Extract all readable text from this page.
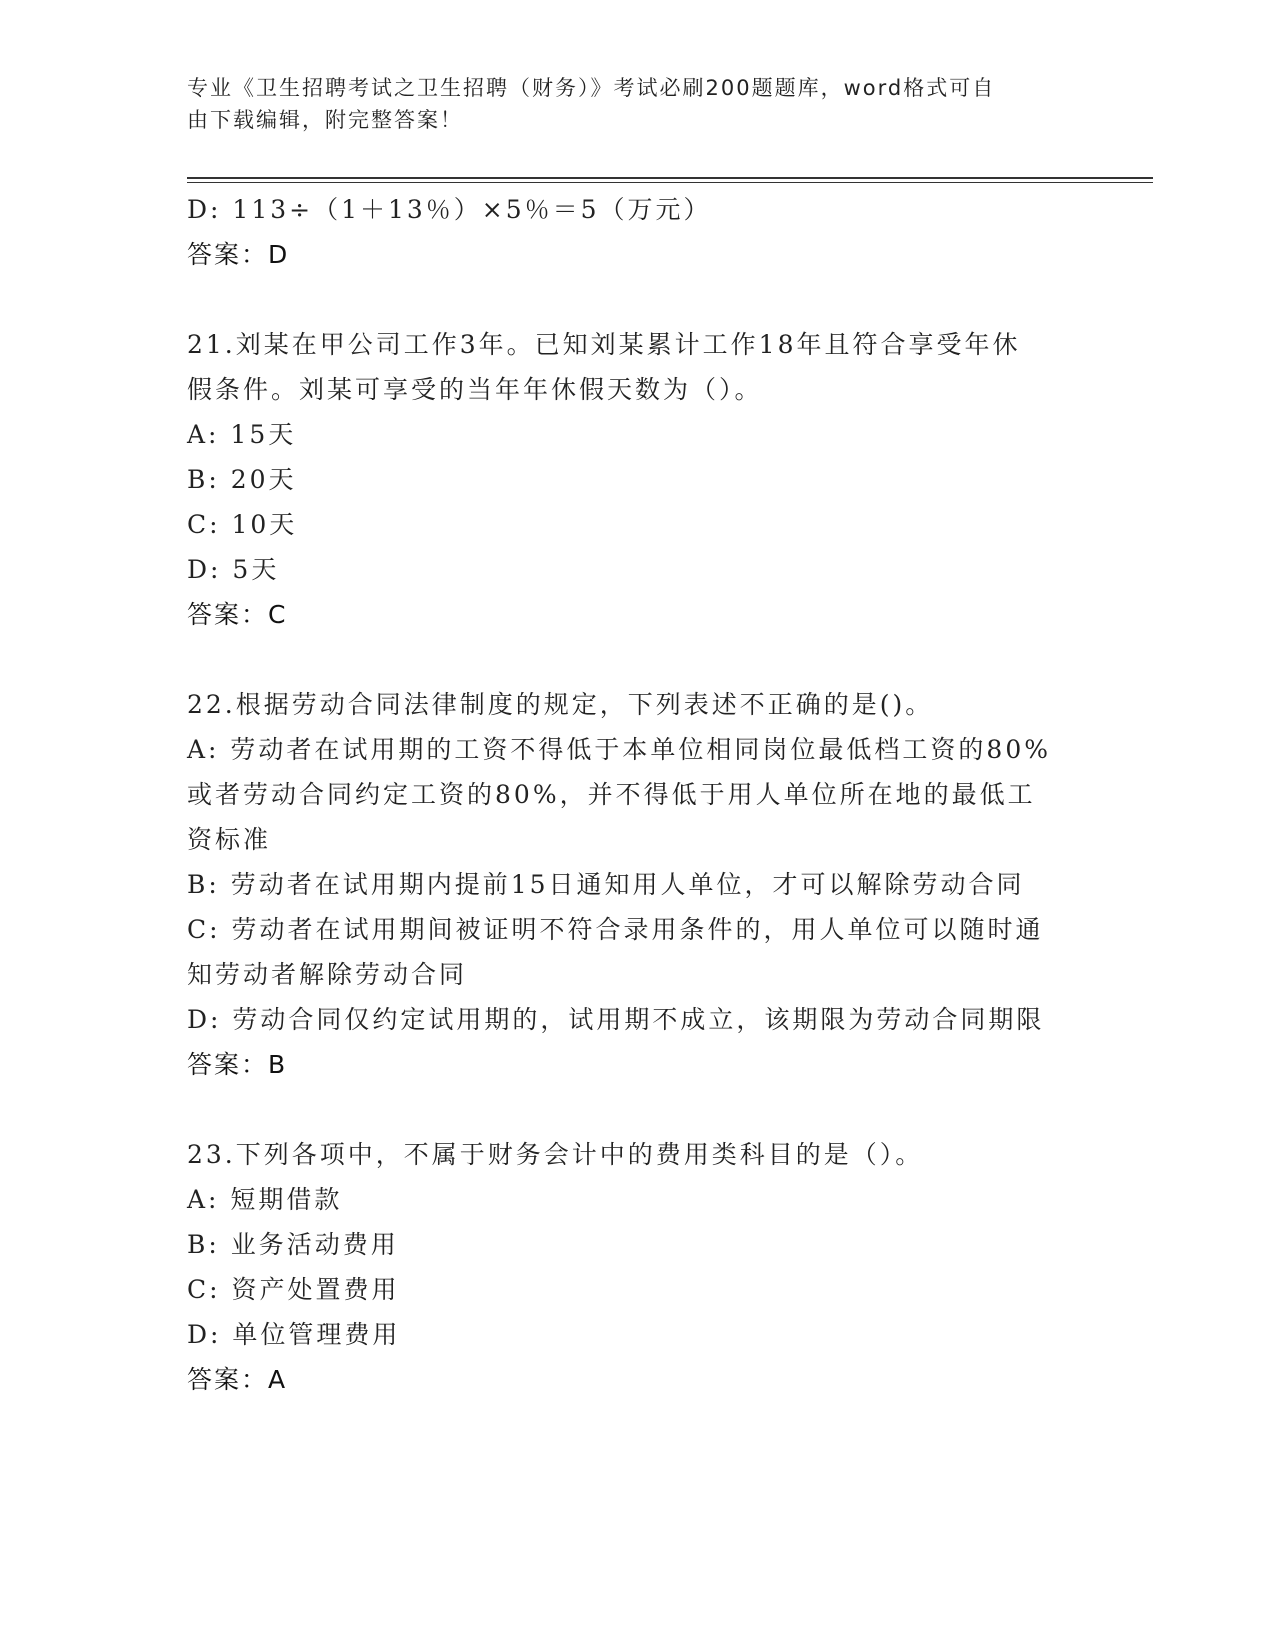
专业《卫生招聘考试之卫生招聘（财务）》考试必刷200题题库，word格式可自
由下载编辑，附完整答案！
D: 113÷（1＋13％）×5％＝5（万元）
答案：D
21.刘某在甲公司工作3年。已知刘某累计工作18年且符合享受年休
假条件。刘某可享受的当年年休假天数为（）。
A: 15天
B: 20天
C: 10天
D: 5天
答案：C
22.根据劳动合同法律制度的规定，下列表述不正确的是()。
A: 劳动者在试用期的工资不得低于本单位相同岗位最低档工资的80%
或者劳动合同约定工资的80%，并不得低于用人单位所在地的最低工
资标准
B: 劳动者在试用期内提前15日通知用人单位，才可以解除劳动合同
C: 劳动者在试用期间被证明不符合录用条件的，用人单位可以随时通
知劳动者解除劳动合同
D: 劳动合同仅约定试用期的，试用期不成立，该期限为劳动合同期限
答案：B
23.下列各项中，不属于财务会计中的费用类科目的是（）。
A: 短期借款
B: 业务活动费用
C: 资产处置费用
D: 单位管理费用
答案：A
